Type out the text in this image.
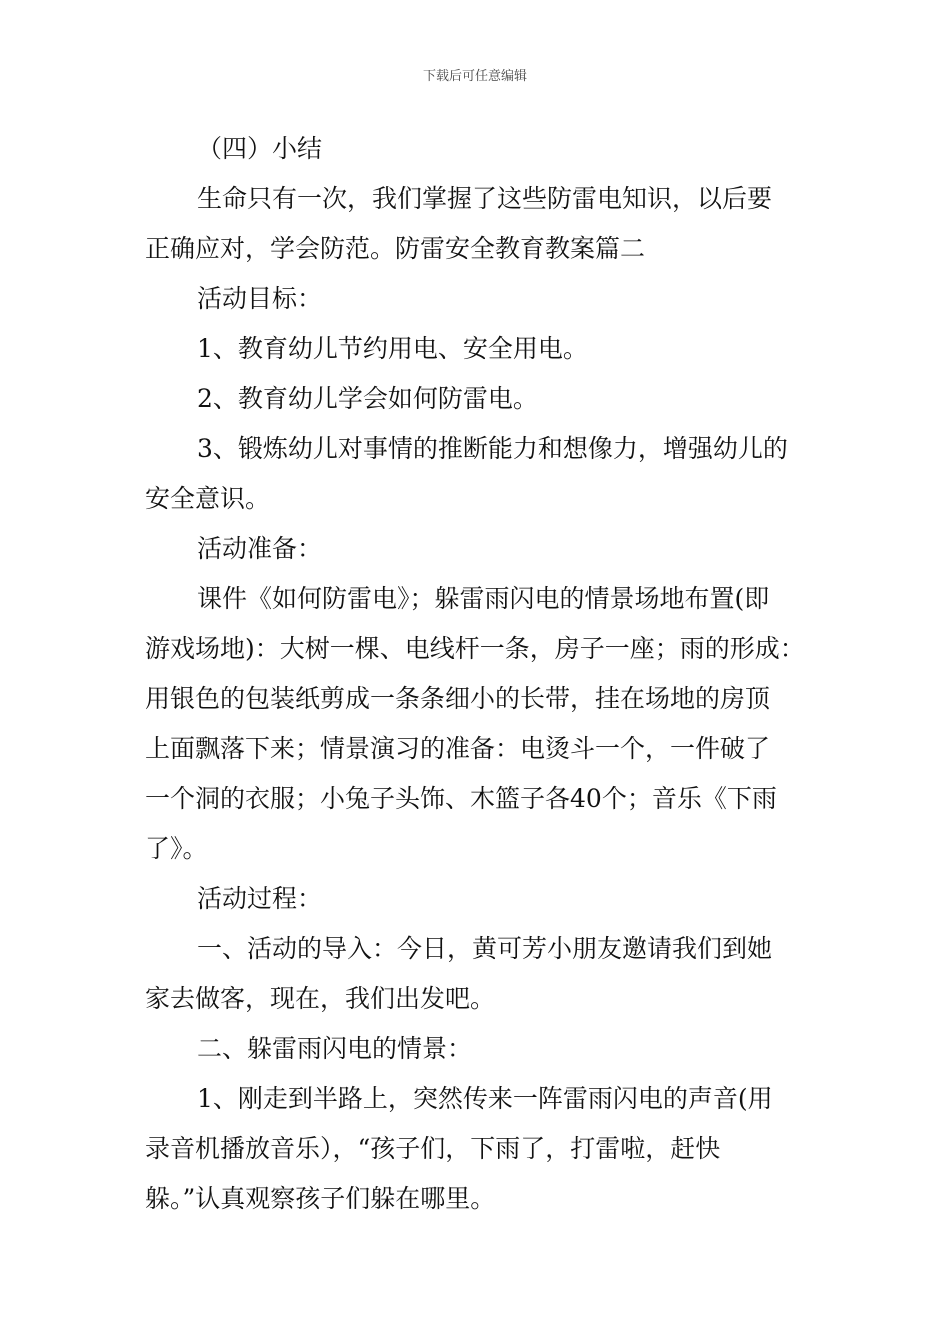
下载后可任意编辑
（四）小结
生命只有一次，我们掌握了这些防雷电知识，以后要
正确应对，学会防范。防雷安全教育教案篇二
活动目标：
1、教育幼儿节约用电、安全用电。
2、教育幼儿学会如何防雷电。
3、锻炼幼儿对事情的推断能力和想像力，增强幼儿的
安全意识。
活动准备：
课件《如何防雷电》；躲雷雨闪电的情景场地布置(即
游戏场地)：大树一棵、电线杆一条，房子一座；雨的形成：
用银色的包装纸剪成一条条细小的长带，挂在场地的房顶
上面飘落下来；情景演习的准备：电烫斗一个，一件破了
一个洞的衣服；小兔子头饰、木篮子各40个；音乐《下雨
了》。
活动过程：
一、活动的导入：今日，黄可芳小朋友邀请我们到她
家去做客，现在，我们出发吧。
二、躲雷雨闪电的情景：
1、刚走到半路上，突然传来一阵雷雨闪电的声音(用
录音机播放音乐），“孩子们，下雨了，打雷啦，赶快
躲。”认真观察孩子们躲在哪里。
